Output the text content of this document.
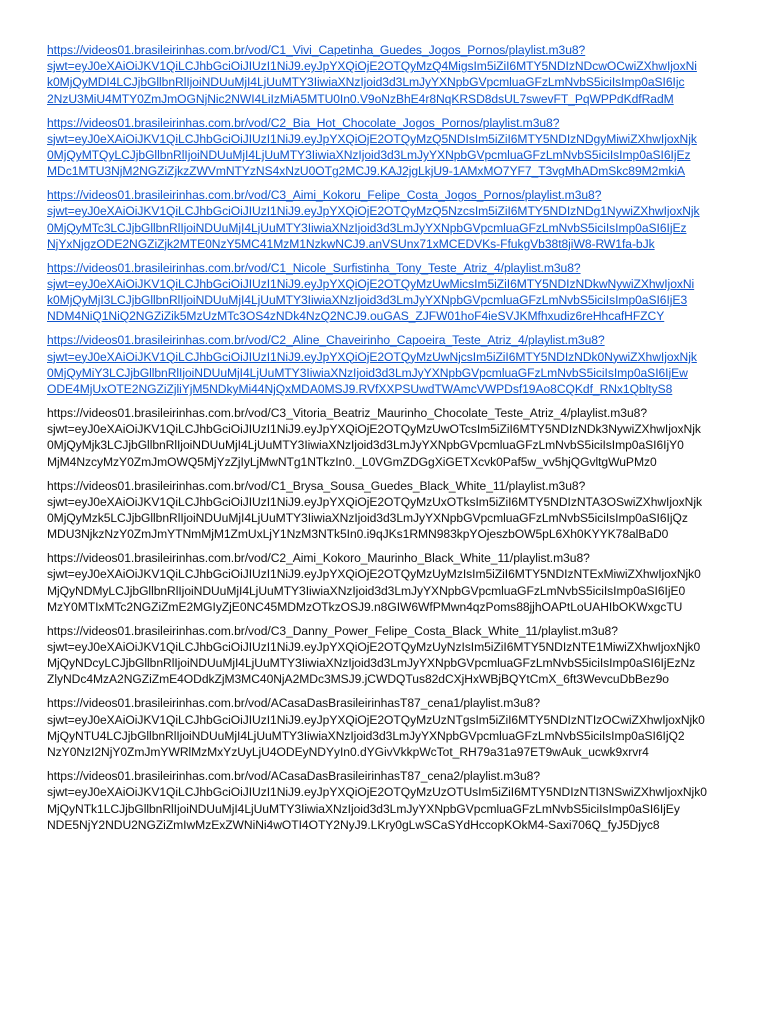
https://videos01.brasileirinhas.com.br/vod/C1_Vivi_Capetinha_Guedes_Jogos_Pornos/playlist.m3u8?
sjwt=eyJ0eXAiOiJKV1QiLCJhbGciOiJIUzI1NiJ9.eyJpYXQiOjE2OTQyMzQ4MigsIm5iZiI6MTY5NDIzNDcwOCwiZXhwIjoxNi
k0MjQyMDI4LCJjbGllbnRlIjoiNDUuMjI4LjUuMTY3IiwiaXNzIjoid3d3LmJyYXNpbGVpcmluaGFzLmNvbS5iciIsImp0aSI6Ijc
2NzU3MiU4MTY0ZmJmOGNjNic2NWI4LiIzMiA5MTU0In0.V9oNzBhE4r8NqKRSD8dsUL7swevFT_PqWPPdKdfRadM
https://videos01.brasileirinhas.com.br/vod/C2_Bia_Hot_Chocolate_Jogos_Pornos/playlist.m3u8?
sjwt=eyJ0eXAiOiJKV1QiLCJhbGciOiJIUzI1NiJ9.eyJpYXQiOjE2OTQyMzQ5NDIsIm5iZiI6MTY5NDIzNDgyMiwiZXhwIjoxNjk
0MjQyMTQyLCJjbGllbnRlIjoiNDUuMjI4LjUuMTY3IiwiaXNzIjoid3d3LmJyYXNpbGVpcmluaGFzLmNvbS5iciIsImp0aSI6IjEz
MDc1MTU3NjM2NGZiZjkzZWVmNTYzNS4xNzU0OTg2MCJ9.KAJ2jgLkjU9-1AMxMO7YF7_T3vgMhADmSkc89M2mkiA
https://videos01.brasileirinhas.com.br/vod/C3_Aimi_Kokoru_Felipe_Costa_Jogos_Pornos/playlist.m3u8?
sjwt=eyJ0eXAiOiJKV1QiLCJhbGciOiJIUzI1NiJ9.eyJpYXQiOjE2OTQyMzQ5NzcsIm5iZiI6MTY5NDIzNDg1NywiZXhwIjoxNjk
0MjQyMTc3LCJjbGllbnRlIjoiNDUuMjI4LjUuMTY3IiwiaXNzIjoid3d3LmJyYXNpbGVpcmluaGFzLmNvbS5iciIsImp0aSI6IjEz
NjYxNjgzODE2NGZiZjk2MTE0NzY5MC41MzM1NzkwNCJ9.anVSUnx71xMCEDVKs-FfukgVb38t8jiW8-RW1fa-bJk
https://videos01.brasileirinhas.com.br/vod/C1_Nicole_Surfistinha_Tony_Teste_Atriz_4/playlist.m3u8?
sjwt=eyJ0eXAiOiJKV1QiLCJhbGciOiJIUzI1NiJ9.eyJpYXQiOjE2OTQyMzUwMicsIm5iZiI6MTY5NDIzNDkwNywiZXhwIjoxNi
k0MjQyMjI3LCJjbGllbnRlIjoiNDUuMjI4LjUuMTY3IiwiaXNzIjoid3d3LmJyYXNpbGVpcmluaGFzLmNvbS5iciIsImp0aSI6IjE3
NDM4NiQ1NiQ2NGZiZik5MzUzMTc3OS4zNDk4NzQ2NCJ9.ouGAS_ZJFW01hoF4ieSVJKMfhxudiz6reHhcafHFZCY
https://videos01.brasileirinhas.com.br/vod/C2_Aline_Chaveirinho_Capoeira_Teste_Atriz_4/playlist.m3u8?
sjwt=eyJ0eXAiOiJKV1QiLCJhbGciOiJIUzI1NiJ9.eyJpYXQiOjE2OTQyMzUwNjcsIm5iZiI6MTY5NDIzNDk0NywiZXhwIjoxNjk
0MjQyMiY3LCJjbGllbnRlIjoiNDUuMjI4LjUuMTY3IiwiaXNzIjoid3d3LmJyYXNpbGVpcmluaGFzLmNvbS5iciIsImp0aSI6IjEw
ODE4MjUxOTE2NGZiZjliYjM5NDkyMi44NjQxMDA0MSJ9.RVfXXPSUwdTWAmcVWPDsf19Ao8CQKdf_RNx1QbltyS8
https://videos01.brasileirinhas.com.br/vod/C3_Vitoria_Beatriz_Maurinho_Chocolate_Teste_Atriz_4/playlist.m3u8?
sjwt=eyJ0eXAiOiJKV1QiLCJhbGciOiJIUzI1NiJ9.eyJpYXQiOjE2OTQyMzUwOTcsIm5iZiI6MTY5NDIzNDk3NywiZXhwIjoxNjk
0MjQyMjk3LCJjbGllbnRlIjoiNDUuMjI4LjUuMTY3IiwiaXNzIjoid3d3LmJyYXNpbGVpcmluaGFzLmNvbS5iciIsImp0aSI6IjY0
MjM4NzcyMzY0ZmJmOWQ5MjYzZjIyLjMwNTg1NTkzIn0._L0VGmZDGgXiGETXcvk0Paf5w_vv5hjQGvltgWuPMz0
https://videos01.brasileirinhas.com.br/vod/C1_Brysa_Sousa_Guedes_Black_White_11/playlist.m3u8?
sjwt=eyJ0eXAiOiJKV1QiLCJhbGciOiJIUzI1NiJ9.eyJpYXQiOjE2OTQyMzUxOTksIm5iZiI6MTY5NDIzNTA3OSwiZXhwIjoxNjk
0MjQyMzk5LCJjbGllbnRlIjoiNDUuMjI4LjUuMTY3IiwiaXNzIjoid3d3LmJyYXNpbGVpcmluaGFzLmNvbS5iciIsImp0aSI6IjQz
MDU3NjkzNzY0ZmJmYTNmMjM1ZmUxLjY1NzM3NTk5In0.i9qJKs1RMN983kpYOjeszbOW5pL6Xh0KYYK78alBaD0
https://videos01.brasileirinhas.com.br/vod/C2_Aimi_Kokoro_Maurinho_Black_White_11/playlist.m3u8?
sjwt=eyJ0eXAiOiJKV1QiLCJhbGciOiJIUzI1NiJ9.eyJpYXQiOjE2OTQyMzUyMzIsIm5iZiI6MTY5NDIzNTExMiwiZXhwIjoxNjk0
MjQyNDMyLCJjbGllbnRlIjoiNDUuMjI4LjUuMTY3IiwiaXNzIjoid3d3LmJyYXNpbGVpcmluaGFzLmNvbS5iciIsImp0aSI6IjE0
MzY0MTIxMTc2NGZiZmE2MGIyZjE0NC45MDMzOTkzOSJ9.n8GIW6WfPMwn4qzPoms88jjhOAPtLoUAHIbOKWxgcTU
https://videos01.brasileirinhas.com.br/vod/C3_Danny_Power_Felipe_Costa_Black_White_11/playlist.m3u8?
sjwt=eyJ0eXAiOiJKV1QiLCJhbGciOiJIUzI1NiJ9.eyJpYXQiOjE2OTQyMzUyNzIsIm5iZiI6MTY5NDIzNTE1MiwiZXhwIjoxNjk0
MjQyNDcyLCJjbGllbnRlIjoiNDUuMjI4LjUuMTY3IiwiaXNzIjoid3d3LmJyYXNpbGVpcmluaGFzLmNvbS5iciIsImp0aSI6IjEzNz
ZlyNDc4MzA2NGZiZmE4ODdkZjM3MC40NjA2MDc3MSJ9.jCWDQTus82dCXjHxWBjBQYtCmX_6ft3WevcuDbBez9o
https://videos01.brasileirinhas.com.br/vod/ACasaDasBrasileirinhasT87_cena1/playlist.m3u8?
sjwt=eyJ0eXAiOiJKV1QiLCJhbGciOiJIUzI1NiJ9.eyJpYXQiOjE2OTQyMzUzNTgsIm5iZiI6MTY5NDIzNTIzOCwiZXhwIjoxNjk0
MjQyNTU4LCJjbGllbnRlIjoiNDUuMjI4LjUuMTY3IiwiaXNzIjoid3d3LmJyYXNpbGVpcmluaGFzLmNvbS5iciIsImp0aSI6IjQ2
NzY0NzI2NjY0ZmJmYWRlMzMxYzUyLjU4ODEyNDYyIn0.dYGivVkkpWcTot_RH79a31a97ET9wAuk_ucwk9xrvr4
https://videos01.brasileirinhas.com.br/vod/ACasaDasBrasileirinhasT87_cena2/playlist.m3u8?
sjwt=eyJ0eXAiOiJKV1QiLCJhbGciOiJIUzI1NiJ9.eyJpYXQiOjE2OTQyMzUzOTUsIm5iZiI6MTY5NDIzNTI3NSwiZXhwIjoxNjk0
MjQyNTk1LCJjbGllbnRlIjoiNDUuMjI4LjUuMTY3IiwiaXNzIjoid3d3LmJyYXNpbGVpcmluaGFzLmNvbS5iciIsImp0aSI6IjEy
NDE5NjY2NDU2NGZiZmIwMzExZWNiNi4wOTI4OTY2NyJ9.LKry0gLwSCaSYdHccopKOkM4-Saxi706Q_fyJ5Djyc8
